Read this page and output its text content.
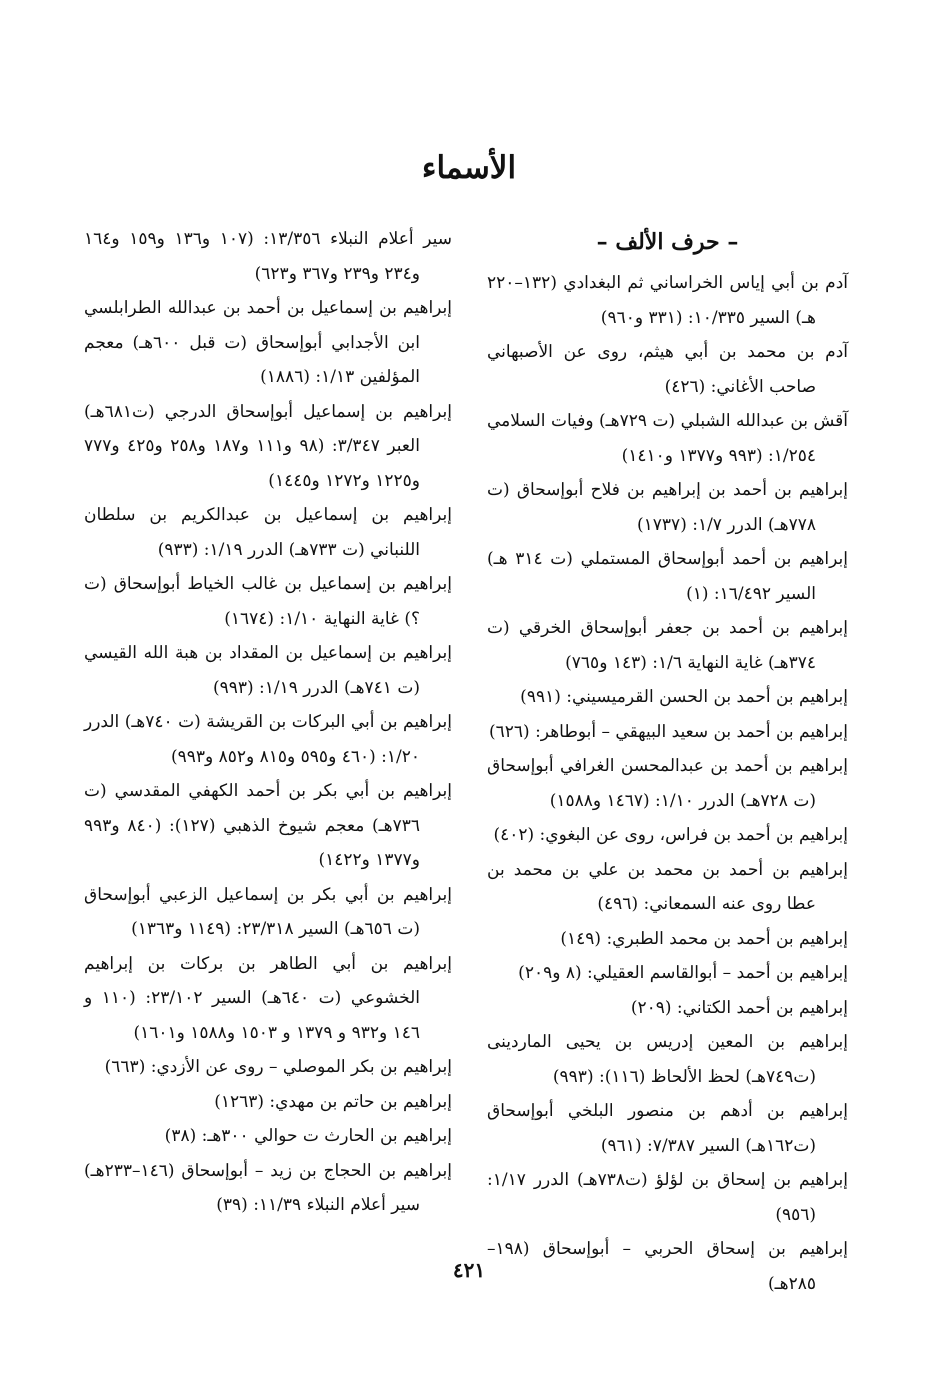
الأسماء
– حرف الألف –

آدم بن أبي إياس الخراساني ثم البغدادي (١٣٢–٢٢٠ هـ) السير ١٠/٣٣٥: (٣٣١ و٩٦٠)

آدم بن محمد بن أبي هيثم، روى عن الأصبهاني صاحب الأغاني: (٤٢٦)

آقش بن عبدالله الشبلي (ت ٧٢٩هـ) وفيات السلامي ١/٢٥٤: (٩٩٣ و١٣٧٧ و١٤١٠)

إبراهيم بن أحمد بن إبراهيم بن فلاح أبوإسحاق (ت ٧٧٨هـ) الدرر ١/٧: (١٧٣٧)

إبراهيم بن أحمد أبوإسحاق المستملي (ت ٣١٤ هـ) السير ١٦/٤٩٢: (١)

إبراهيم بن أحمد بن جعفر أبوإسحاق الخرقي (ت ٣٧٤هـ) غاية النهاية ١/٦: (١٤٣ و٧٦٥)

إبراهيم بن أحمد بن الحسن القرميسيني: (٩٩١)

إبراهيم بن أحمد بن سعيد البيهقي – أبوطاهر: (٦٢٦)

إبراهيم بن أحمد بن عبدالمحسن الغرافي أبوإسحاق (ت ٧٢٨هـ) الدرر ١/١٠: (١٤٦٧ و١٥٨٨)

إبراهيم بن أحمد بن فراس، روى عن البغوي: (٤٠٢)

إبراهيم بن أحمد بن محمد بن علي بن محمد بن عطا روى عنه السمعاني: (٤٩٦)

إبراهيم بن أحمد بن محمد الطبري: (١٤٩)

إبراهيم بن أحمد – أبوالقاسم العقيلي: (٨ و٢٠٩)

إبراهيم بن أحمد الكتاني: (٢٠٩)

إبراهيم بن المعين إدريس بن يحيى الماردينى (ت٧٤٩هـ) لحظ الألحاظ (١١٦): (٩٩٣)

إبراهيم بن أدهم بن منصور البلخي أبوإسحاق (ت١٦٢هـ) السير ٧/٣٨٧: (٩٦١)

إبراهيم بن إسحاق بن لؤلؤ (ت٧٣٨هـ) الدرر ١/١٧: (٩٥٦)

إبراهيم بن إسحاق الحربي – أبوإسحاق (١٩٨–٢٨٥هـ)

سير أعلام النبلاء ١٣/٣٥٦: (١٠٧ و١٣٦ و١٥٩ و١٦٤ و٢٣٤ و٢٣٩ و٣٦٧ و٦٢٣)

إبراهيم بن إسماعيل بن أحمد بن عبدالله الطرابلسي ابن الأجدابي أبوإسحاق (ت قبل ٦٠٠هـ) معجم المؤلفين ١/١٣: (١٨٨٦)

إبراهيم بن إسماعيل أبوإسحاق الدرجي (ت٦٨١هـ) العبر ٣/٣٤٧: (٩٨ و١١١ و١٨٧ و٢٥٨ و٤٢٥ و٧٧٧ و١٢٢٥ و١٢٧٢ و١٤٤٥)

إبراهيم بن إسماعيل بن عبدالكريم بن سلطان اللنباني (ت ٧٣٣هـ) الدرر ١/١٩: (٩٣٣)

إبراهيم بن إسماعيل بن غالب الخياط أبوإسحاق (ت ؟) غاية النهاية ١/١٠: (١٦٧٤)

إبراهيم بن إسماعيل بن المقداد بن هبة الله القيسي (ت ٧٤١هـ) الدرر ١/١٩: (٩٩٣)

إبراهيم بن أبي البركات بن القريشة (ت ٧٤٠هـ) الدرر ١/٢٠: (٤٦٠ و٥٩٥ و٨١٥ و٨٥٢ و٩٩٣)

إبراهيم بن أبي بكر بن أحمد الكهفي المقدسي (ت ٧٣٦هـ) معجم شيوخ الذهبي (١٢٧): (٨٤٠ و٩٩٣ و١٣٧٧ و١٤٢٢)

إبراهيم بن أبي بكر بن إسماعيل الزعبي أبوإسحاق (ت ٦٥٦هـ) السير ٢٣/٣١٨: (١١٤٩ و١٣٦٣)

إبراهيم بن أبي الطاهر بن بركات بن إبراهيم الخشوعي (ت ٦٤٠هـ) السير ٢٣/١٠٢: (١١٠ و ١٤٦ و٩٣٢ و ١٣٧٩ و ١٥٠٣ و١٥٨٨ و١٦٠١)

إبراهيم بن بكر الموصلي – روى عن الأزدي: (٦٦٣)

إبراهيم بن حاتم بن مهدي: (١٢٦٣)

إبراهيم بن الحارث ت حوالي ٣٠٠هـ: (٣٨)

إبراهيم بن الحجاج بن زيد – أبوإسحاق (١٤٦–٢٣٣هـ) سير أعلام النبلاء ١١/٣٩: (٣٩)

٤٢١
